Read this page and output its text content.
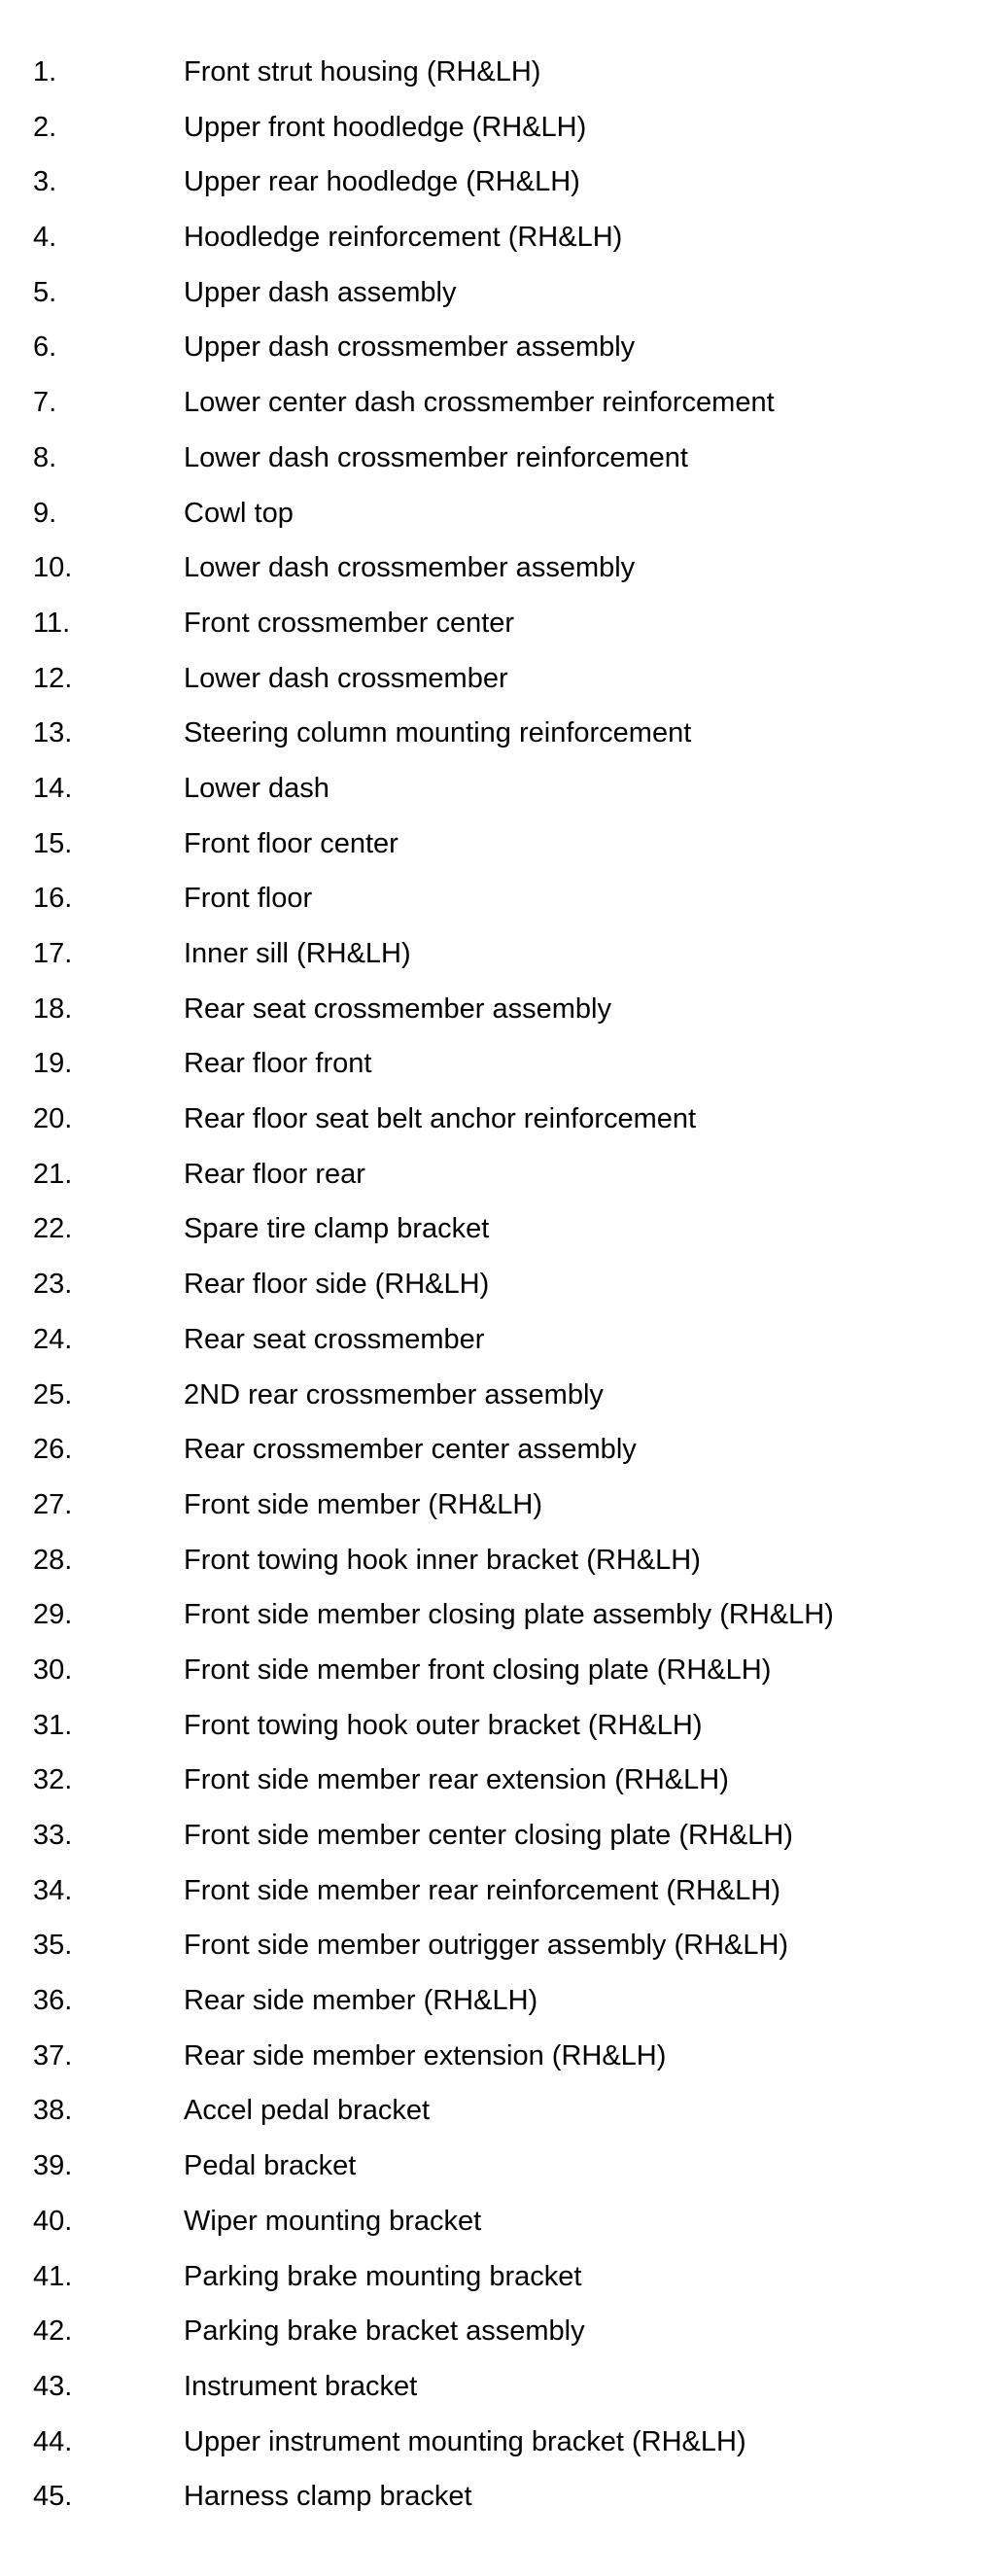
1.	Front strut housing (RH&LH)
2.	Upper front hoodledge (RH&LH)
3.	Upper rear hoodledge (RH&LH)
4.	Hoodledge reinforcement (RH&LH)
5.	Upper dash assembly
6.	Upper dash crossmember assembly
7.	Lower center dash crossmember reinforcement
8.	Lower dash crossmember reinforcement
9.	Cowl top
10.	Lower dash crossmember assembly
11.	Front crossmember center
12.	Lower dash crossmember
13.	Steering column mounting reinforcement
14.	Lower dash
15.	Front floor center
16.	Front floor
17.	Inner sill (RH&LH)
18.	Rear seat crossmember assembly
19.	Rear floor front
20.	Rear floor seat belt anchor reinforcement
21.	Rear floor rear
22.	Spare tire clamp bracket
23.	Rear floor side (RH&LH)
24.	Rear seat crossmember
25.	2ND rear crossmember assembly
26.	Rear crossmember center assembly
27.	Front side member (RH&LH)
28.	Front towing hook inner bracket (RH&LH)
29.	Front side member closing plate assembly (RH&LH)
30.	Front side member front closing plate (RH&LH)
31.	Front towing hook outer bracket (RH&LH)
32.	Front side member rear extension (RH&LH)
33.	Front side member center closing plate (RH&LH)
34.	Front side member rear reinforcement (RH&LH)
35.	Front side member outrigger assembly (RH&LH)
36.	Rear side member (RH&LH)
37.	Rear side member extension (RH&LH)
38.	Accel pedal bracket
39.	Pedal bracket
40.	Wiper mounting bracket
41.	Parking brake mounting bracket
42.	Parking brake bracket assembly
43.	Instrument bracket
44.	Upper instrument mounting bracket (RH&LH)
45.	Harness clamp bracket
